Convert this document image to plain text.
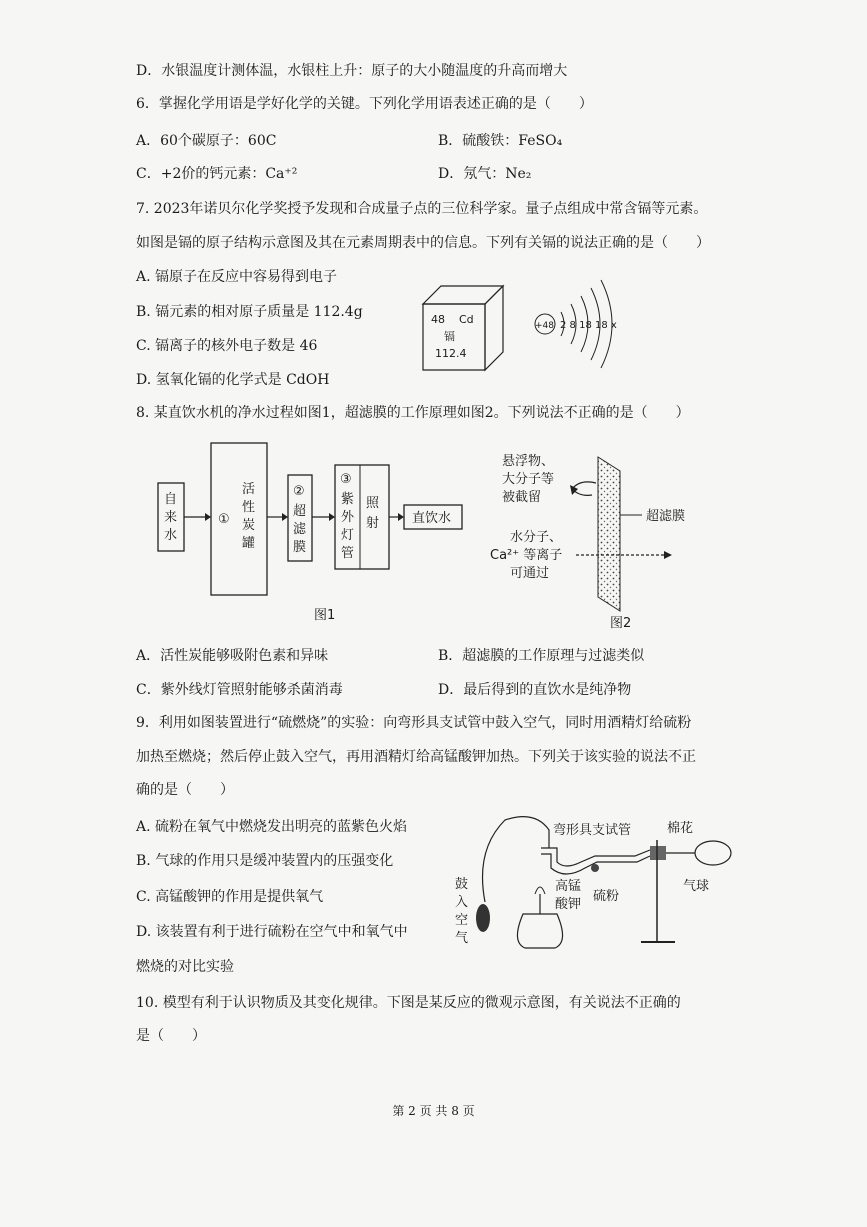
D．水银温度计测体温，水银柱上升：原子的大小随温度的升高而增大
6．掌握化学用语是学好化学的关键。下列化学用语表述正确的是（　　）
A．60个碳原子：60C	B．硫酸铁：FeSO₄
C．+2价的钙元素：Ca⁺²	D．氖气：Ne₂
7. 2023年诺贝尔化学奖授予发现和合成量子点的三位科学家。量子点组成中常含镉等元素。
如图是镉的原子结构示意图及其在元素周期表中的信息。下列有关镉的说法正确的是（　　）
A. 镉原子在反应中容易得到电子
B. 镉元素的相对原子质量是 112.4g
C. 镉离子的核外电子数是 46
D. 氢氧化镉的化学式是 CdOH
48 Cd
镉
112.4
+48 2 8 18 18 x
8. 某直饮水机的净水过程如图1，超滤膜的工作原理如图2。下列说法不正确的是（　　）
自
来
水
①
活
性
炭
罐
②
超
滤
膜
③
紫
外
灯
管
照
射	直饮水
图1
悬浮物、
大分子等
被截留
水分子、
Ca²⁺ 等离子
可通过
超滤膜
图2
A．活性炭能够吸附色素和异味	B．超滤膜的工作原理与过滤类似
C．紫外线灯管照射能够杀菌消毒	D．最后得到的直饮水是纯净物
9．利用如图装置进行“硫燃烧”的实验：向弯形具支试管中鼓入空气，同时用酒精灯给硫粉
加热至燃烧；然后停止鼓入空气，再用酒精灯给高锰酸钾加热。下列关于该实验的说法不正
确的是（　　）
A. 硫粉在氧气中燃烧发出明亮的蓝紫色火焰
B. 气球的作用只是缓冲装置内的压强变化
C. 高锰酸钾的作用是提供氧气
D. 该装置有利于进行硫粉在空气中和氧气中
燃烧的对比实验
鼓
入
空
气
弯形具支试管	棉花
气球
高锰
酸钾
硫粉
10. 模型有利于认识物质及其变化规律。下图是某反应的微观示意图，有关说法不正确的
是（　　）
第 2 页 共 8 页
